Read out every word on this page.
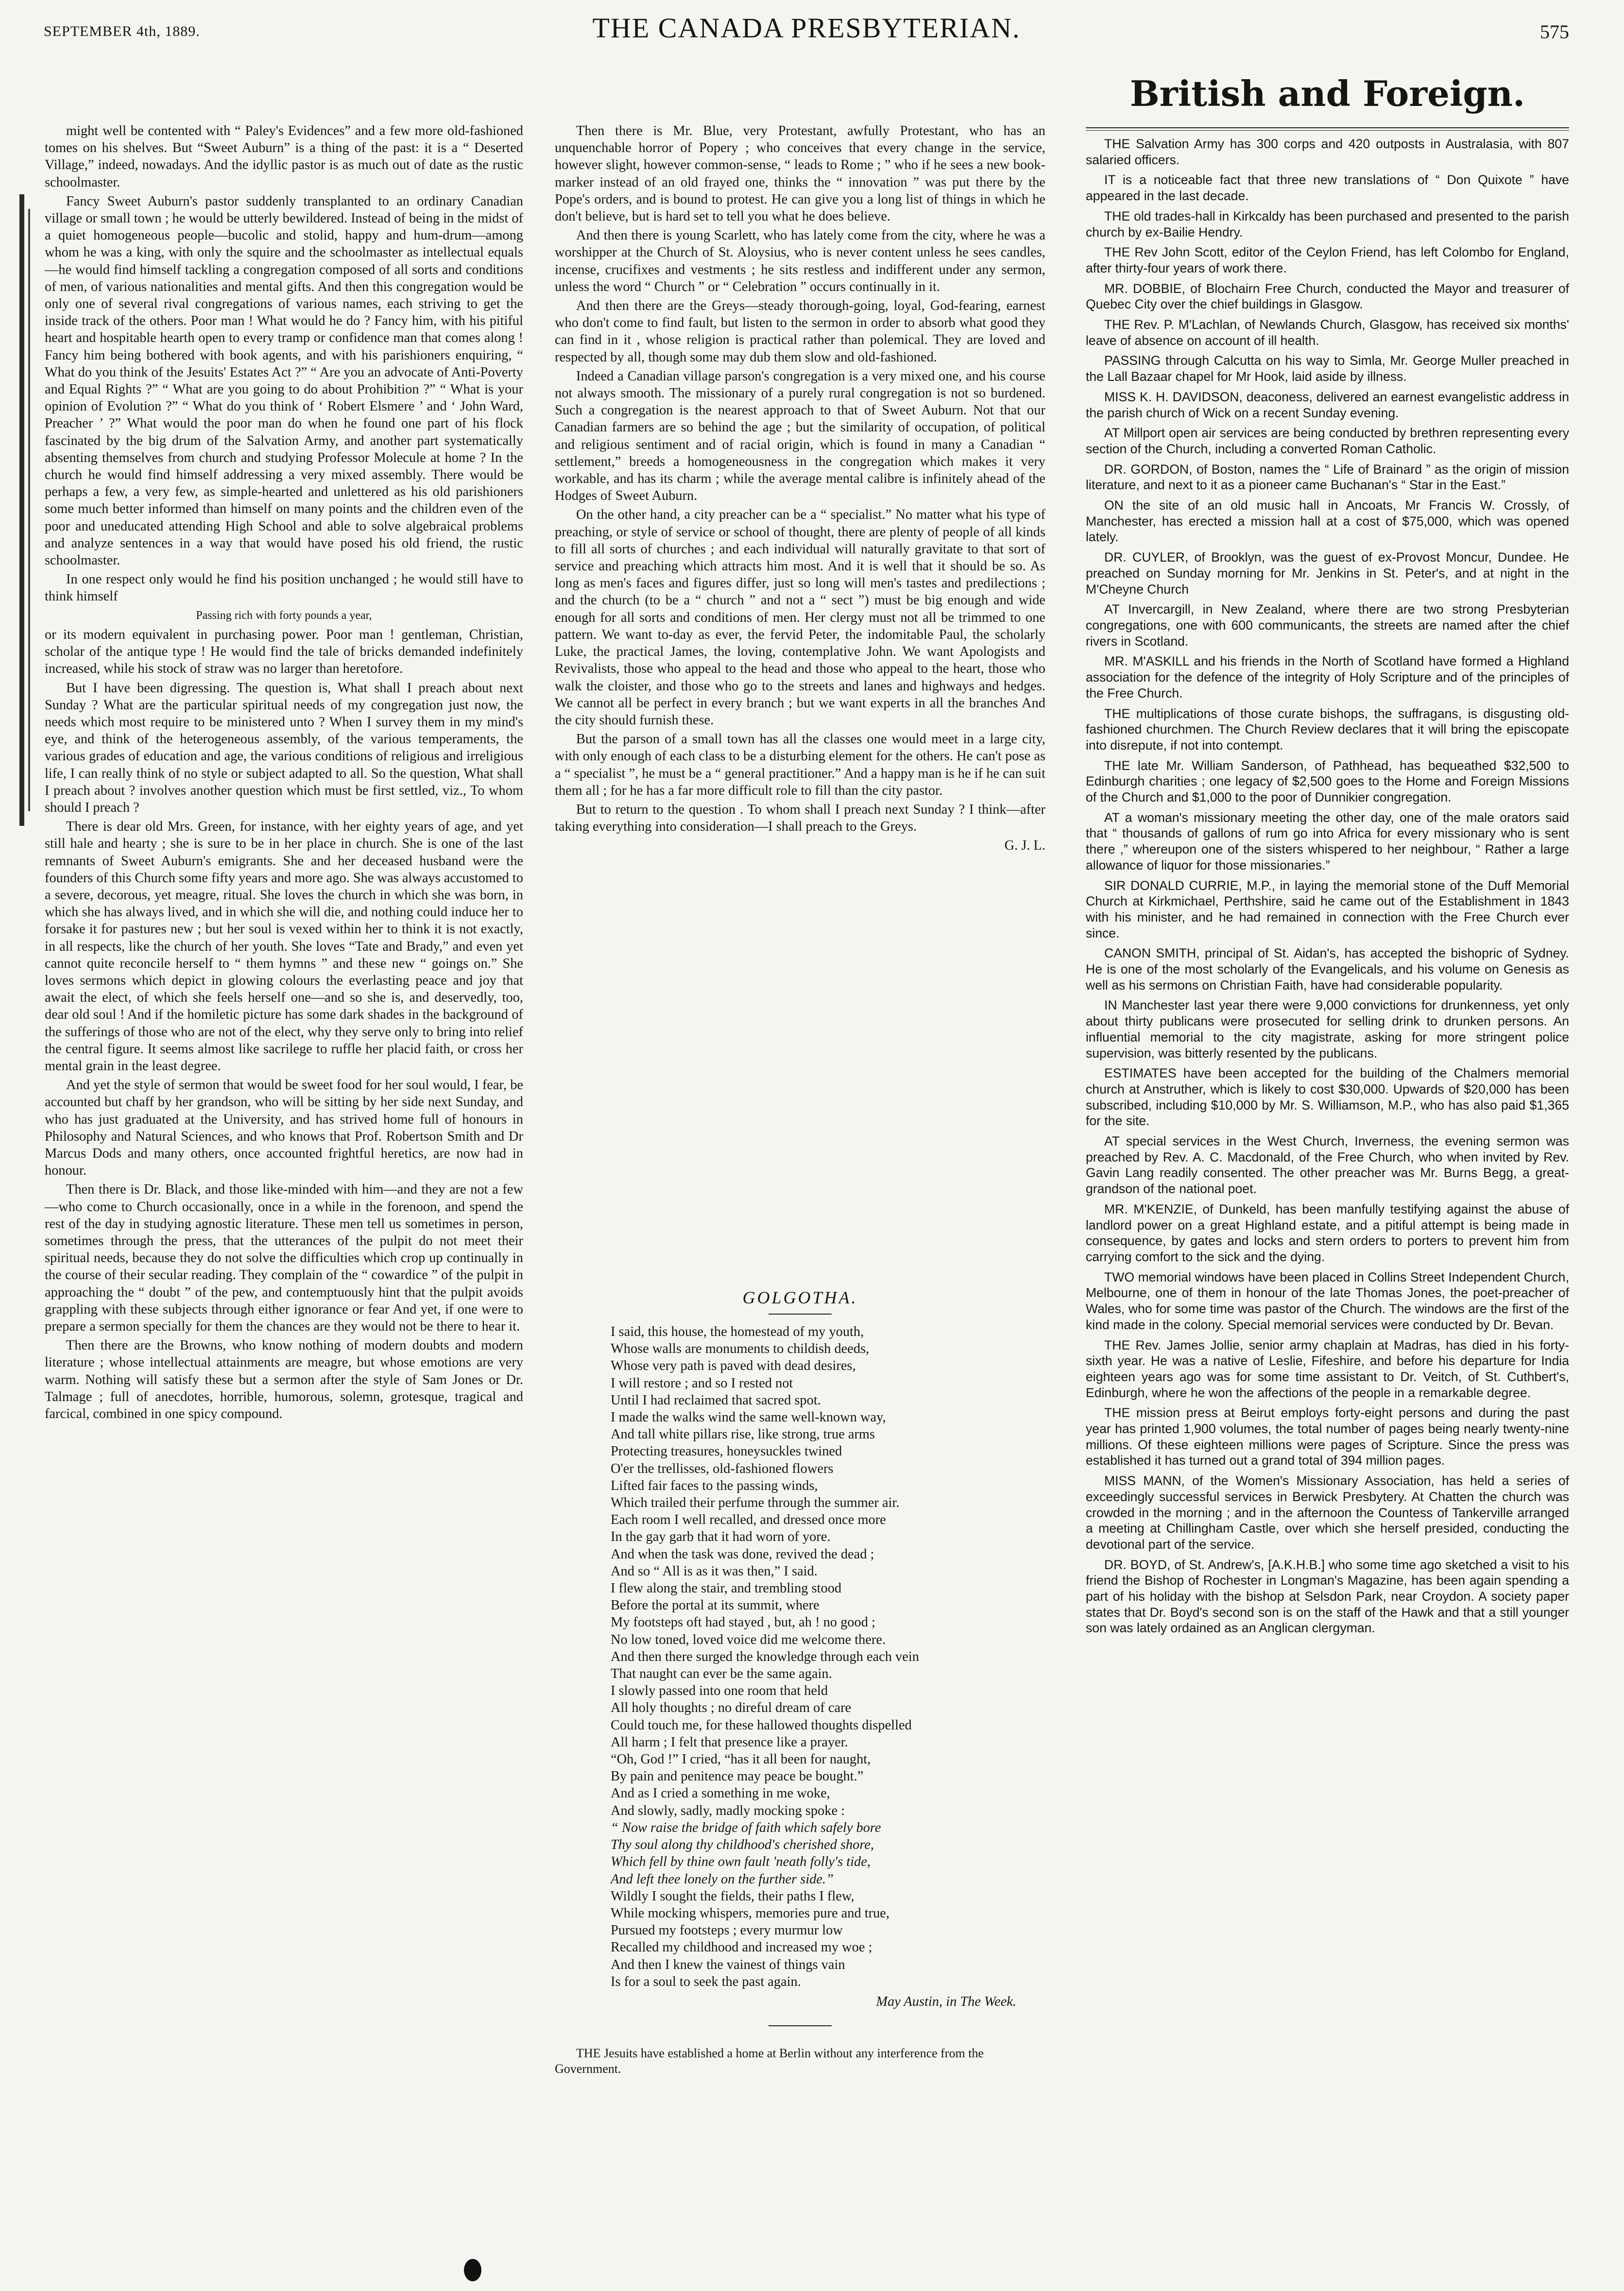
SEPTEMBER 4th, 1889.	THE CANADA PRESBYTERIAN.	575

might well be contented with “ Paley's Evidences” and a few more old-fashioned tomes on his shelves. But “Sweet Auburn” is a thing of the past: it is a “ Deserted Village,” indeed, nowadays. And the idyllic pastor is as much out of date as the rustic schoolmaster.

Fancy Sweet Auburn's pastor suddenly transplanted to an ordinary Canadian village or small town ; he would be utterly bewildered. Instead of being in the midst of a quiet homogeneous people—bucolic and stolid, happy and hum-drum—among whom he was a king, with only the squire and the schoolmaster as intellectual equals—he would find himself tackling a congregation composed of all sorts and conditions of men, of various nationalities and mental gifts. And then this congregation would be only one of several rival congregations of various names, each striving to get the inside track of the others. Poor man ! What would he do ? Fancy him, with his pitiful heart and hospitable hearth open to every tramp or confidence man that comes along ! Fancy him being bothered with book agents, and with his parishioners enquiring, “ What do you think of the Jesuits' Estates Act ?” “ Are you an advocate of Anti-Poverty and Equal Rights ?” “ What are you going to do about Prohibition ?” “ What is your opinion of Evolution ?” “ What do you think of ‘ Robert Elsmere ’ and ‘ John Ward, Preacher ’ ?” What would the poor man do when he found one part of his flock fascinated by the big drum of the Salvation Army, and another part systematically absenting themselves from church and studying Professor Molecule at home ? In the church he would find himself addressing a very mixed assembly. There would be perhaps a few, a very few, as simple-hearted and unlettered as his old parishioners some much better informed than himself on many points and the children even of the poor and uneducated attending High School and able to solve algebraical problems and analyze sentences in a way that would have posed his old friend, the rustic schoolmaster.

In one respect only would he find his position unchanged ; he would still have to think himself

Passing rich with forty pounds a year,

or its modern equivalent in purchasing power. Poor man ! gentleman, Christian, scholar of the antique type ! He would find the tale of bricks demanded indefinitely increased, while his stock of straw was no larger than heretofore.

But I have been digressing. The question is, What shall I preach about next Sunday ? What are the particular spiritual needs of my congregation just now, the needs which most require to be ministered unto ? When I survey them in my mind's eye, and think of the heterogeneous assembly, of the various temperaments, the various grades of education and age, the various conditions of religious and irreligious life, I can really think of no style or subject adapted to all. So the question, What shall I preach about ? involves another question which must be first settled, viz., To whom should I preach ?

There is dear old Mrs. Green, for instance, with her eighty years of age, and yet still hale and hearty ; she is sure to be in her place in church. She is one of the last remnants of Sweet Auburn's emigrants. She and her deceased husband were the founders of this Church some fifty years and more ago. She was always accustomed to a severe, decorous, yet meagre, ritual. She loves the church in which she was born, in which she has always lived, and in which she will die, and nothing could induce her to forsake it for pastures new ; but her soul is vexed within her to think it is not exactly, in all respects, like the church of her youth. She loves “Tate and Brady,” and even yet cannot quite reconcile herself to “ them hymns ” and these new “ goings on.” She loves sermons which depict in glowing colours the everlasting peace and joy that await the elect, of which she feels herself one—and so she is, and deservedly, too, dear old soul ! And if the homiletic picture has some dark shades in the background of the sufferings of those who are not of the elect, why they serve only to bring into relief the central figure. It seems almost like sacrilege to ruffle her placid faith, or cross her mental grain in the least degree.

And yet the style of sermon that would be sweet food for her soul would, I fear, be accounted but chaff by her grandson, who will be sitting by her side next Sunday, and who has just graduated at the University, and has strived home full of honours in Philosophy and Natural Sciences, and who knows that Prof. Robertson Smith and Dr Marcus Dods and many others, once accounted frightful heretics, are now had in honour.

Then there is Dr. Black, and those like-minded with him—and they are not a few—who come to Church occasionally, once in a while in the forenoon, and spend the rest of the day in studying agnostic literature. These men tell us sometimes in person, sometimes through the press, that the utterances of the pulpit do not meet their spiritual needs, because they do not solve the difficulties which crop up continually in the course of their secular reading. They complain of the “ cowardice ” of the pulpit in approaching the “ doubt ” of the pew, and contemptuously hint that the pulpit avoids grappling with these subjects through either ignorance or fear And yet, if one were to prepare a sermon specially for them the chances are they would not be there to hear it.

Then there are the Browns, who know nothing of modern doubts and modern literature ; whose intellectual attainments are meagre, but whose emotions are very warm. Nothing will satisfy these but a sermon after the style of Sam Jones or Dr. Talmage ; full of anecdotes, horrible, humorous, solemn, grotesque, tragical and farcical, combined in one spicy compound.

Then there is Mr. Blue, very Protestant, awfully Protestant, who has an unquenchable horror of Popery ; who conceives that every change in the service, however slight, however common-sense, “ leads to Rome ; ” who if he sees a new book-marker instead of an old frayed one, thinks the “ innovation ” was put there by the Pope's orders, and is bound to protest. He can give you a long list of things in which he don't believe, but is hard set to tell you what he does believe.

And then there is young Scarlett, who has lately come from the city, where he was a worshipper at the Church of St. Aloysius, who is never content unless he sees candles, incense, crucifixes and vestments ; he sits restless and indifferent under any sermon, unless the word “ Church ” or “ Celebration ” occurs continually in it.

And then there are the Greys—steady thorough-going, loyal, God-fearing, earnest who don't come to find fault, but listen to the sermon in order to absorb what good they can find in it , whose religion is practical rather than polemical. They are loved and respected by all, though some may dub them slow and old-fashioned.

Indeed a Canadian village parson's congregation is a very mixed one, and his course not always smooth. The missionary of a purely rural congregation is not so burdened. Such a congregation is the nearest approach to that of Sweet Auburn. Not that our Canadian farmers are so behind the age ; but the similarity of occupation, of political and religious sentiment and of racial origin, which is found in many a Canadian “ settlement,” breeds a homogeneousness in the congregation which makes it very workable, and has its charm ; while the average mental calibre is infinitely ahead of the Hodges of Sweet Auburn.

On the other hand, a city preacher can be a “ specialist.” No matter what his type of preaching, or style of service or school of thought, there are plenty of people of all kinds to fill all sorts of churches ; and each individual will naturally gravitate to that sort of service and preaching which attracts him most. And it is well that it should be so. As long as men's faces and figures differ, just so long will men's tastes and predilections ; and the church (to be a “ church ” and not a “ sect ”) must be big enough and wide enough for all sorts and conditions of men. Her clergy must not all be trimmed to one pattern. We want to-day as ever, the fervid Peter, the indomitable Paul, the scholarly Luke, the practical James, the loving, contemplative John. We want Apologists and Revivalists, those who appeal to the head and those who appeal to the heart, those who walk the cloister, and those who go to the streets and lanes and highways and hedges. We cannot all be perfect in every branch ; but we want experts in all the branches And the city should furnish these.

But the parson of a small town has all the classes one would meet in a large city, with only enough of each class to be a disturbing element for the others. He can't pose as a “ specialist ”, he must be a “ general practitioner.” And a happy man is he if he can suit them all ; for he has a far more difficult role to fill than the city pastor.

But to return to the question . To whom shall I preach next Sunday ? I think—after taking everything into consideration—I shall preach to the Greys.

G. J. L.
GOLGOTHA.
I said, this house, the homestead of my youth,
Whose walls are monuments to childish deeds,
Whose very path is paved with dead desires,
I will restore ; and so I rested not
Until I had reclaimed that sacred spot.
I made the walks wind the same well-known way,
And tall white pillars rise, like strong, true arms
Protecting treasures, honeysuckles twined
O'er the trellisses, old-fashioned flowers
Lifted fair faces to the passing winds,
Which trailed their perfume through the summer air.
Each room I well recalled, and dressed once more
In the gay garb that it had worn of yore.
And when the task was done, revived the dead ;
And so “ All is as it was then,” I said.
I flew along the stair, and trembling stood
Before the portal at its summit, where
My footsteps oft had stayed , but, ah ! no good ;
No low toned, loved voice did me welcome there.
And then there surged the knowledge through each vein
That naught can ever be the same again.
I slowly passed into one room that held
All holy thoughts ; no direful dream of care
Could touch me, for these hallowed thoughts dispelled
All harm ; I felt that presence like a prayer.
“Oh, God !” I cried, “has it all been for naught,
By pain and penitence may peace be bought.”
And as I cried a something in me woke,
And slowly, sadly, madly mocking spoke :
“ Now raise the bridge of faith which safely bore
Thy soul along thy childhood's cherished shore,
Which fell by thine own fault 'neath folly's tide,
And left thee lonely on the further side.”
Wildly I sought the fields, their paths I flew,
While mocking whispers, memories pure and true,
Pursued my footsteps ; every murmur low
Recalled my childhood and increased my woe ;
And then I knew the vainest of things vain
Is for a soul to seek the past again.
May Austin, in The Week.
THE Jesuits have established a home at Berlin without any interference from the Government.
British and Foreign.

THE Salvation Army has 300 corps and 420 outposts in Australasia, with 807 salaried officers.

IT is a noticeable fact that three new translations of “ Don Quixote ” have appeared in the last decade.

THE old trades-hall in Kirkcaldy has been purchased and presented to the parish church by ex-Bailie Hendry.

THE Rev John Scott, editor of the Ceylon Friend, has left Colombo for England, after thirty-four years of work there.

MR. DOBBIE, of Blochairn Free Church, conducted the Mayor and treasurer of Quebec City over the chief buildings in Glasgow.

THE Rev. P. M'Lachlan, of Newlands Church, Glasgow, has received six months' leave of absence on account of ill health.

PASSING through Calcutta on his way to Simla, Mr. George Muller preached in the Lall Bazaar chapel for Mr Hook, laid aside by illness.

MISS K. H. DAVIDSON, deaconess, delivered an earnest evangelistic address in the parish church of Wick on a recent Sunday evening.

AT Millport open air services are being conducted by brethren representing every section of the Church, including a converted Roman Catholic.

DR. GORDON, of Boston, names the “ Life of Brainard ” as the origin of mission literature, and next to it as a pioneer came Buchanan's “ Star in the East.”

ON the site of an old music hall in Ancoats, Mr Francis W. Crossly, of Manchester, has erected a mission hall at a cost of $75,000, which was opened lately.

DR. CUYLER, of Brooklyn, was the guest of ex-Provost Moncur, Dundee. He preached on Sunday morning for Mr. Jenkins in St. Peter's, and at night in the M'Cheyne Church

AT Invercargill, in New Zealand, where there are two strong Presbyterian congregations, one with 600 communicants, the streets are named after the chief rivers in Scotland.

MR. M'ASKILL and his friends in the North of Scotland have formed a Highland association for the defence of the integrity of Holy Scripture and of the principles of the Free Church.

THE multiplications of those curate bishops, the suffragans, is disgusting old-fashioned churchmen. The Church Review declares that it will bring the episcopate into disrepute, if not into contempt.

THE late Mr. William Sanderson, of Pathhead, has bequeathed $32,500 to Edinburgh charities ; one legacy of $2,500 goes to the Home and Foreign Missions of the Church and $1,000 to the poor of Dunnikier congregation.

AT a woman's missionary meeting the other day, one of the male orators said that “ thousands of gallons of rum go into Africa for every missionary who is sent there ,” whereupon one of the sisters whispered to her neighbour, “ Rather a large allowance of liquor for those missionaries.”

SIR DONALD CURRIE, M.P., in laying the memorial stone of the Duff Memorial Church at Kirkmichael, Perthshire, said he came out of the Establishment in 1843 with his minister, and he had remained in connection with the Free Church ever since.

CANON SMITH, principal of St. Aidan's, has accepted the bishopric of Sydney. He is one of the most scholarly of the Evangelicals, and his volume on Genesis as well as his sermons on Christian Faith, have had considerable popularity.

IN Manchester last year there were 9,000 convictions for drunkenness, yet only about thirty publicans were prosecuted for selling drink to drunken persons. An influential memorial to the city magistrate, asking for more stringent police supervision, was bitterly resented by the publicans.

ESTIMATES have been accepted for the building of the Chalmers memorial church at Anstruther, which is likely to cost $30,000. Upwards of $20,000 has been subscribed, including $10,000 by Mr. S. Williamson, M.P., who has also paid $1,365 for the site.

AT special services in the West Church, Inverness, the evening sermon was preached by Rev. A. C. Macdonald, of the Free Church, who when invited by Rev. Gavin Lang readily consented. The other preacher was Mr. Burns Begg, a great-grandson of the national poet.

MR. M'KENZIE, of Dunkeld, has been manfully testifying against the abuse of landlord power on a great Highland estate, and a pitiful attempt is being made in consequence, by gates and locks and stern orders to porters to prevent him from carrying comfort to the sick and the dying.

TWO memorial windows have been placed in Collins Street Independent Church, Melbourne, one of them in honour of the late Thomas Jones, the poet-preacher of Wales, who for some time was pastor of the Church. The windows are the first of the kind made in the colony. Special memorial services were conducted by Dr. Bevan.

THE Rev. James Jollie, senior army chaplain at Madras, has died in his forty-sixth year. He was a native of Leslie, Fifeshire, and before his departure for India eighteen years ago was for some time assistant to Dr. Veitch, of St. Cuthbert's, Edinburgh, where he won the affections of the people in a remarkable degree.

THE mission press at Beirut employs forty-eight persons and during the past year has printed 1,900 volumes, the total number of pages being nearly twenty-nine millions. Of these eighteen millions were pages of Scripture. Since the press was established it has turned out a grand total of 394 million pages.

MISS MANN, of the Women's Missionary Association, has held a series of exceedingly successful services in Berwick Presbytery. At Chatten the church was crowded in the morning ; and in the afternoon the Countess of Tankerville arranged a meeting at Chillingham Castle, over which she herself presided, conducting the devotional part of the service.

DR. BOYD, of St. Andrew's, [A.K.H.B.] who some time ago sketched a visit to his friend the Bishop of Rochester in Longman's Magazine, has been again spending a part of his holiday with the bishop at Selsdon Park, near Croydon. A society paper states that Dr. Boyd's second son is on the staff of the Hawk and that a still younger son was lately ordained as an Anglican clergyman.
